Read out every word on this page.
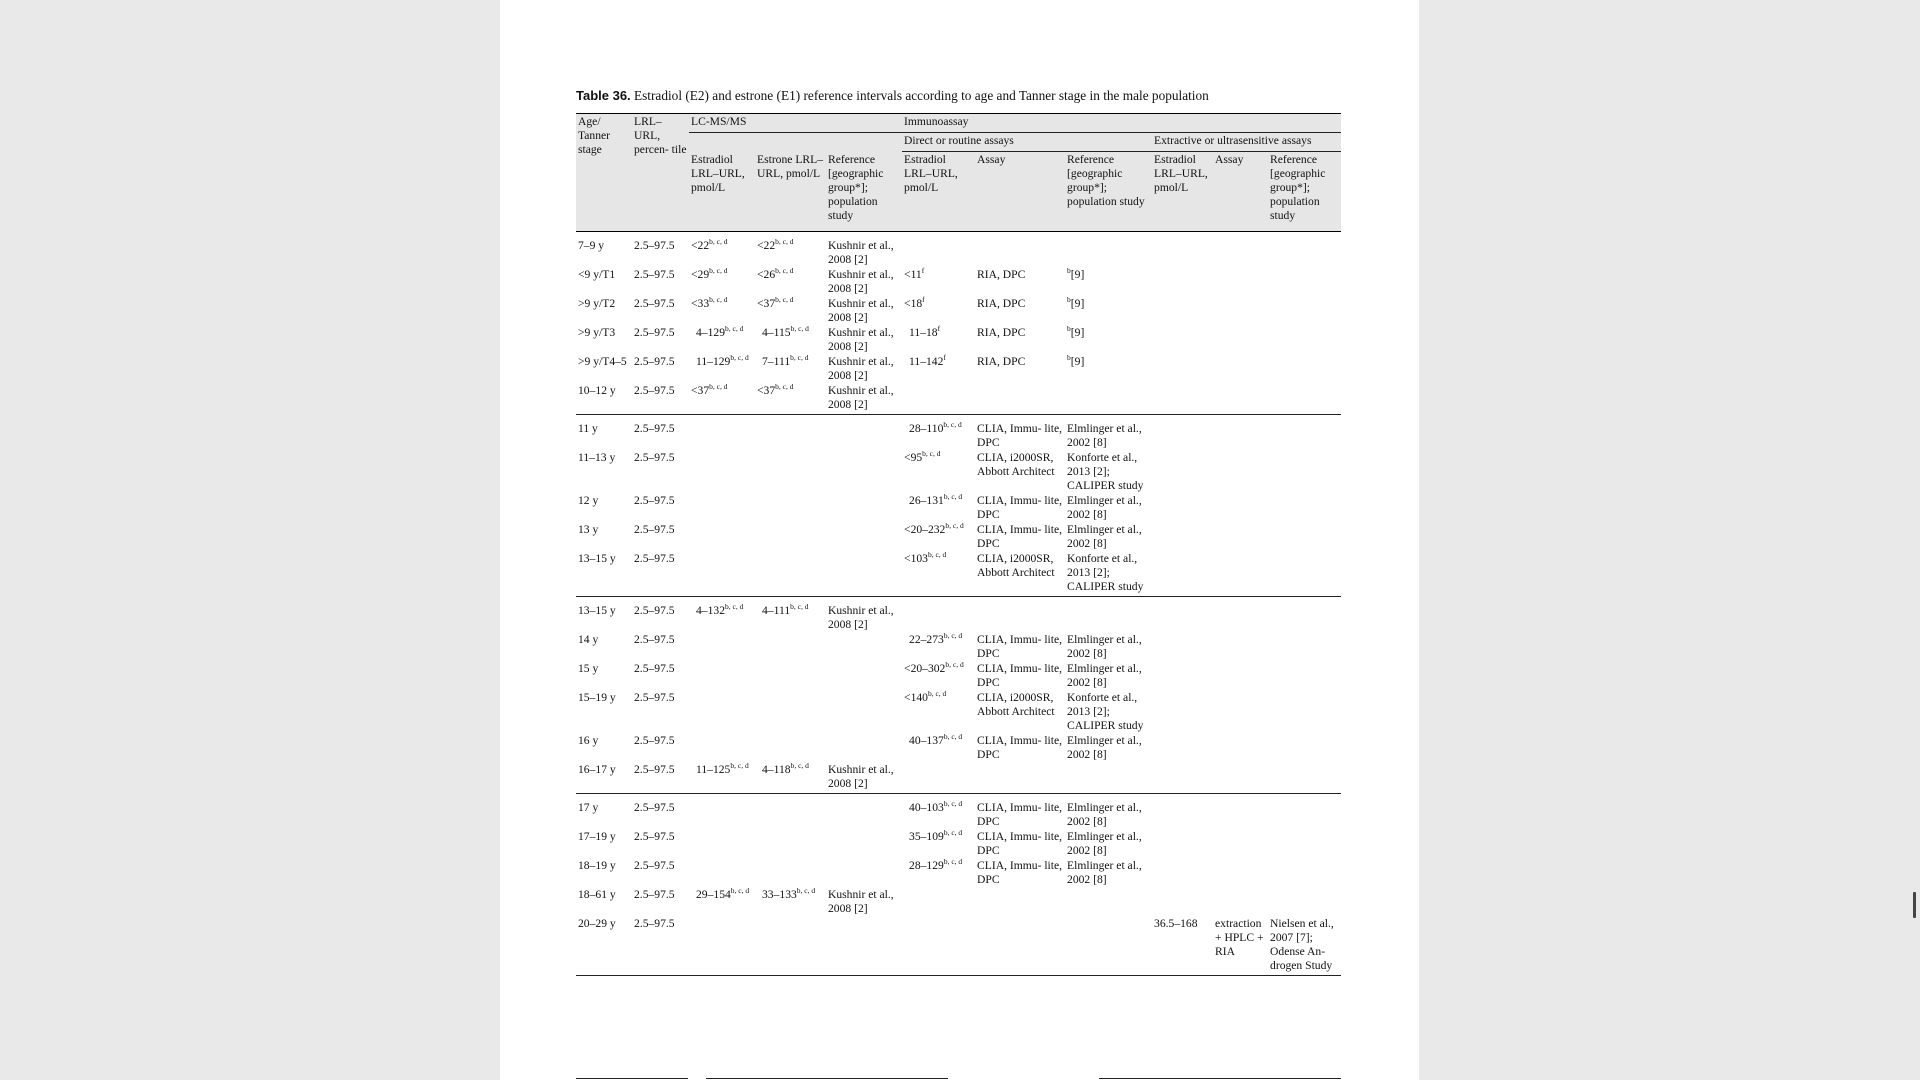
Table 36. Estradiol (E2) and estrone (E1) reference intervals according to age and Tanner stage in the male population
Age/ Tanner stage	LRL– URL, percen- tile	LC-MS/MS			Immunoassay					
					Direct or routine assays			Extractive or ultrasensitive assays		
		Estradiol LRL–URL, pmol/L	Estrone LRL–URL, pmol/L	Reference [geographic group*]; population study	Estradiol LRL–URL, pmol/L	Assay	Reference [geographic group*]; population study	Estradiol LRL–URL, pmol/L	Assay	Reference [geographic group*]; population study
7–9 y	2.5–97.5	$<22^{b, c, d}$	$<22^{b, c, d}$	Kushnir et al., 2008 [2]						
<9 y/T1	2.5–97.5	$<29^{b, c, d}$	$<26^{b, c, d}$	Kushnir et al., 2008 [2]	$<11^f$	RIA, DPC	$^b$[9]			
>9 y/T2	2.5–97.5	$<33^{b, c, d}$	$<37^{b, c, d}$	Kushnir et al., 2008 [2]	$<18^f$	RIA, DPC	$^b$[9]			
>9 y/T3	2.5–97.5	4–129$^{b, c, d}$	4–115$^{b, c, d}$	Kushnir et al., 2008 [2]	11–18$^f$	RIA, DPC	$^b$[9]			
>9 y/T4–5	2.5–97.5	11–129$^{b, c, d}$	7–111$^{b, c, d}$	Kushnir et al., 2008 [2]	11–142$^f$	RIA, DPC	$^b$[9]			
10–12 y	2.5–97.5	$<37^{b, c, d}$	$<37^{b, c, d}$	Kushnir et al., 2008 [2]						
11 y	2.5–97.5				28–110$^{b, c, d}$	CLIA, Immu- lite, DPC	Elmlinger et al., 2002 [8]			
11–13 y	2.5–97.5				$<95^{b, c, d}$	CLIA, i2000SR, Abbott Architect	Konforte et al., 2013 [2]; CALIPER study			
12 y	2.5–97.5				26–131$^{b, c, d}$	CLIA, Immu- lite, DPC	Elmlinger et al., 2002 [8]			
13 y	2.5–97.5				$<20-232^{b, c, d}$	CLIA, Immu- lite, DPC	Elmlinger et al., 2002 [8]			
13–15 y	2.5–97.5				$<103^{b, c, d}$	CLIA, i2000SR, Abbott Architect	Konforte et al., 2013 [2]; CALIPER study			
13–15 y	2.5–97.5	4–132$^{b, c, d}$	4–111$^{b, c, d}$	Kushnir et al., 2008 [2]						
14 y	2.5–97.5				22–273$^{b, c, d}$	CLIA, Immu- lite, DPC	Elmlinger et al., 2002 [8]			
15 y	2.5–97.5				$<20-302^{b, c, d}$	CLIA, Immu- lite, DPC	Elmlinger et al., 2002 [8]			
15–19 y	2.5–97.5				$<140^{b, c, d}$	CLIA, i2000SR, Abbott Architect	Konforte et al., 2013 [2]; CALIPER study			
16 y	2.5–97.5				40–137$^{b, c, d}$	CLIA, Immu- lite, DPC	Elmlinger et al., 2002 [8]			
16–17 y	2.5–97.5	11–125$^{b, c, d}$	4–118$^{b, c, d}$	Kushnir et al., 2008 [2]						
17 y	2.5–97.5				40–103$^{b, c, d}$	CLIA, Immu- lite, DPC	Elmlinger et al., 2002 [8]			
17–19 y	2.5–97.5				35–109$^{b, c, d}$	CLIA, Immu- lite, DPC	Elmlinger et al., 2002 [8]			
18–19 y	2.5–97.5				28–129$^{b, c, d}$	CLIA, Immu- lite, DPC	Elmlinger et al., 2002 [8]			
18–61 y	2.5–97.5	29–154$^{b, c, d}$	33–133$^{b, c, d}$	Kushnir et al., 2008 [2]						
20–29 y	2.5–97.5							36.5–168	extraction + HPLC + RIA	Nielsen et al., 2007 [7]; Odense An- drogen Study
